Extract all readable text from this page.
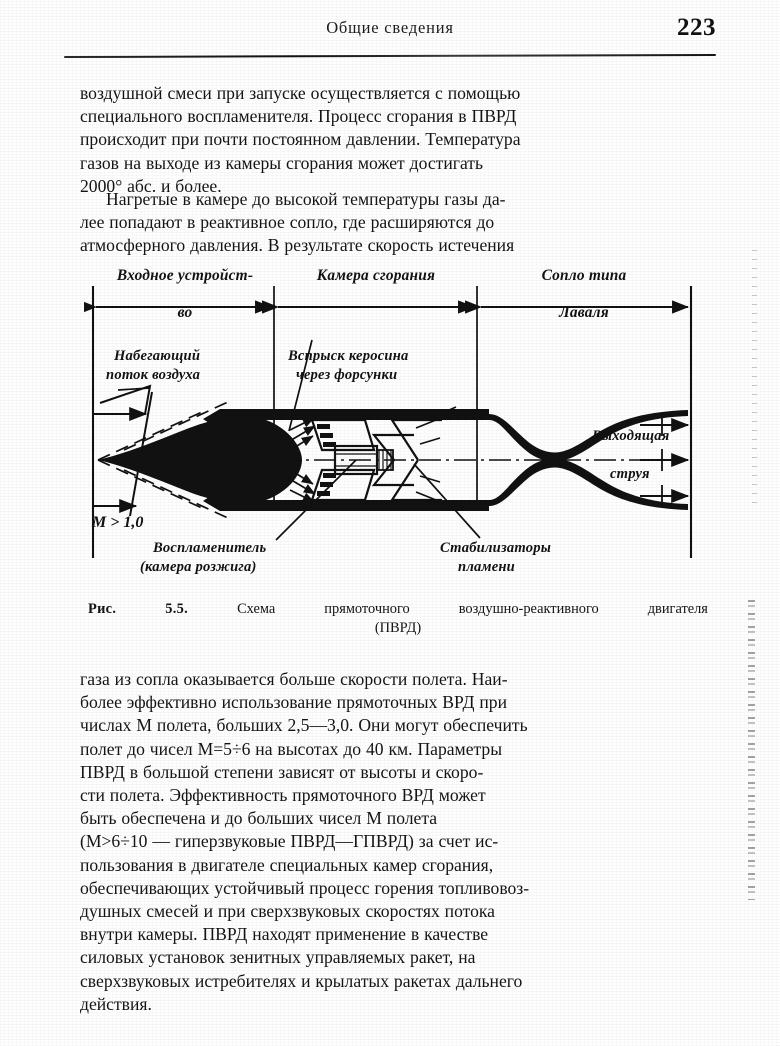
Общие сведения	223
воздушной смеси при запуске осуществляется с помощью
специального воспламенителя. Процесс сгорания в ПВРД
происходит при почти постоянном давлении. Температура
газов на выходе из камеры сгорания может достигать
2000° абс. и более.
Нагретые в камере до высокой температуры газы да-
лее попадают в реактивное сопло, где расширяются до
атмосферного давления. В результате скорость истечения
Входное устройст-
во
Камера сгорания	Сопло типа
Лаваля
Набегающий
поток воздуха
Вспрыск керосина
через форсунки
Воспламенитель
(камера розжига)
Стабилизаторы
пламени
Выходящая
струя
M > 1,0
Рис.	5.5.	Схема	прямоточного	воздушно-реактивного	двигателя
(ПВРД)
газа из сопла оказывается больше скорости полета. Наи-
более эффективно использование прямоточных ВРД при
числах М полета, больших 2,5—3,0. Они могут обеспечить
полет до чисел М=5÷6 на высотах до 40 км. Параметры
ПВРД в большой степени зависят от высоты и скоро-
сти полета. Эффективность прямоточного ВРД может
быть обеспечена и до больших чисел М полета
(М>6÷10 — гиперзвуковые ПВРД—ГПВРД) за счет ис-
пользования в двигателе специальных камер сгорания,
обеспечивающих устойчивый процесс горения топливовоз-
душных смесей и при сверхзвуковых скоростях потока
внутри камеры. ПВРД находят применение в качестве
силовых установок зенитных управляемых ракет, на
сверхзвуковых истребителях и крылатых ракетах дальнего
действия.
